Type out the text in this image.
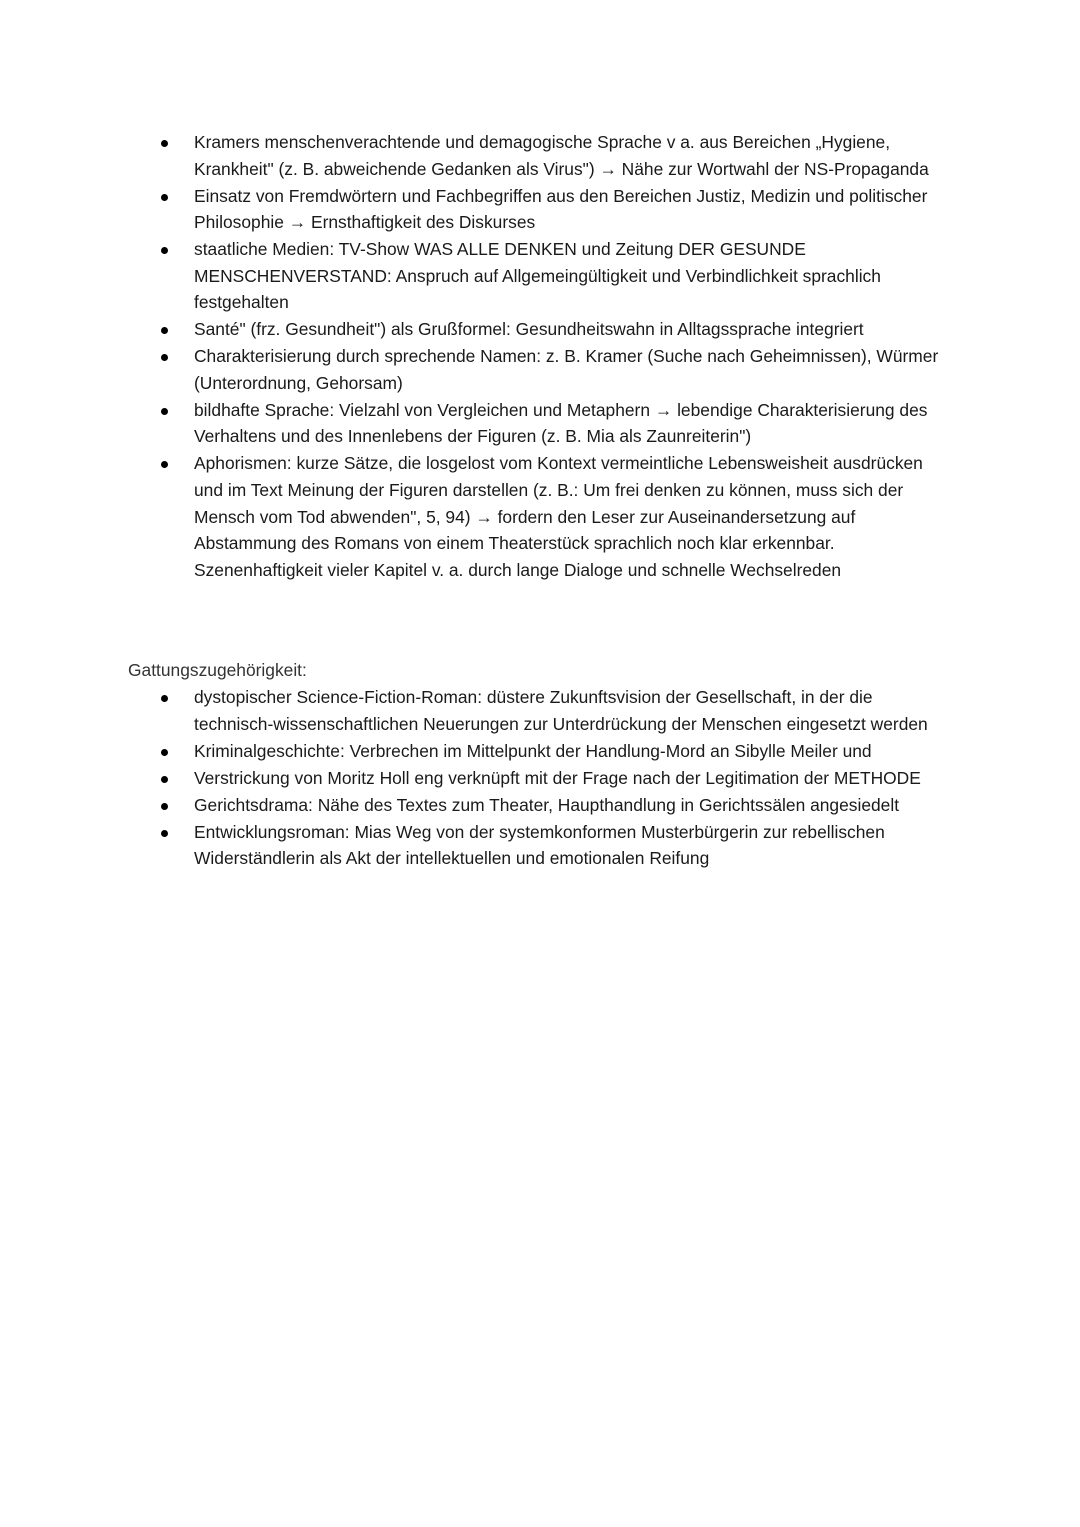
Kramers menschenverachtende und demagogische Sprache v a. aus Bereichen „Hygiene, Krankheit" (z. B. abweichende Gedanken als Virus") → Nähe zur Wortwahl der NS-Propaganda
Einsatz von Fremdwörtern und Fachbegriffen aus den Bereichen Justiz, Medizin und politischer Philosophie → Ernsthaftigkeit des Diskurses
staatliche Medien: TV-Show WAS ALLE DENKEN und Zeitung DER GESUNDE MENSCHENVERSTAND: Anspruch auf Allgemeingültigkeit und Verbindlichkeit sprachlich festgehalten
Santé" (frz. Gesundheit") als Grußformel: Gesundheitswahn in Alltagssprache integriert
Charakterisierung durch sprechende Namen: z. B. Kramer (Suche nach Geheimnissen), Würmer (Unterordnung, Gehorsam)
bildhafte Sprache: Vielzahl von Vergleichen und Metaphern → lebendige Charakterisierung des Verhaltens und des Innenlebens der Figuren (z. B. Mia als Zaunreiterin")
Aphorismen: kurze Sätze, die losgelost vom Kontext vermeintliche Lebensweisheit ausdrücken und im Text Meinung der Figuren darstellen (z. B.: Um frei denken zu können, muss sich der Mensch vom Tod abwenden", 5, 94) → fordern den Leser zur Auseinandersetzung auf Abstammung des Romans von einem Theaterstück sprachlich noch klar erkennbar. Szenenhaftigkeit vieler Kapitel v. a. durch lange Dialoge und schnelle Wechselreden
Gattungszugehörigkeit:
dystopischer Science-Fiction-Roman: düstere Zukunftsvision der Gesellschaft, in der die technisch-wissenschaftlichen Neuerungen zur Unterdrückung der Menschen eingesetzt werden
Kriminalgeschichte: Verbrechen im Mittelpunkt der Handlung-Mord an Sibylle Meiler und
Verstrickung von Moritz Holl eng verknüpft mit der Frage nach der Legitimation der METHODE
Gerichtsdrama: Nähe des Textes zum Theater, Haupthandlung in Gerichtssälen angesiedelt
Entwicklungsroman: Mias Weg von der systemkonformen Musterbürgerin zur rebellischen Widerständlerin als Akt der intellektuellen und emotionalen Reifung
